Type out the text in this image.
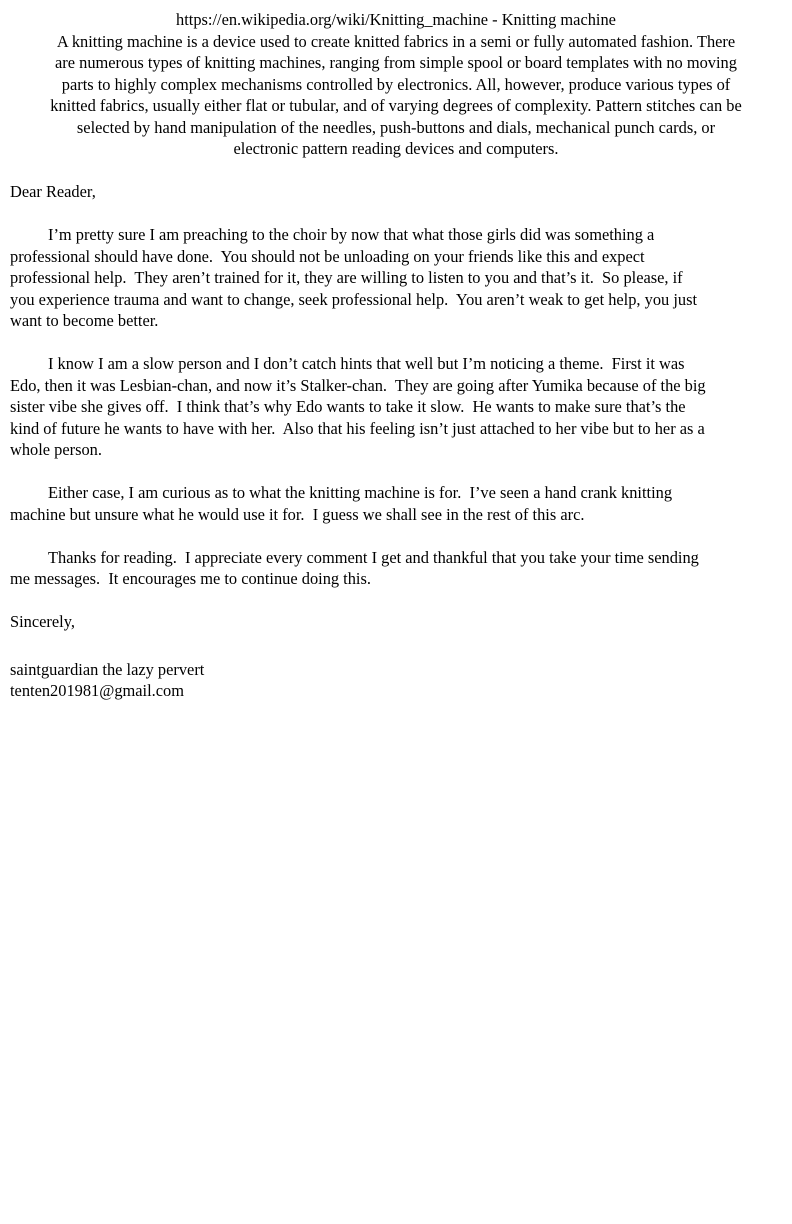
https://en.wikipedia.org/wiki/Knitting_machine - Knitting machine
A knitting machine is a device used to create knitted fabrics in a semi or fully automated fashion. There
are numerous types of knitting machines, ranging from simple spool or board templates with no moving
parts to highly complex mechanisms controlled by electronics. All, however, produce various types of
knitted fabrics, usually either flat or tubular, and of varying degrees of complexity. Pattern stitches can be
selected by hand manipulation of the needles, push-buttons and dials, mechanical punch cards, or
electronic pattern reading devices and computers.
Dear Reader,
I’m pretty sure I am preaching to the choir by now that what those girls did was something a
professional should have done.  You should not be unloading on your friends like this and expect
professional help.  They aren’t trained for it, they are willing to listen to you and that’s it.  So please, if
you experience trauma and want to change, seek professional help.  You aren’t weak to get help, you just
want to become better.
I know I am a slow person and I don’t catch hints that well but I’m noticing a theme.  First it was
Edo, then it was Lesbian-chan, and now it’s Stalker-chan.  They are going after Yumika because of the big
sister vibe she gives off.  I think that’s why Edo wants to take it slow.  He wants to make sure that’s the
kind of future he wants to have with her.  Also that his feeling isn’t just attached to her vibe but to her as a
whole person.
Either case, I am curious as to what the knitting machine is for.  I’ve seen a hand crank knitting
machine but unsure what he would use it for.  I guess we shall see in the rest of this arc.
Thanks for reading.  I appreciate every comment I get and thankful that you take your time sending
me messages.  It encourages me to continue doing this.
Sincerely,
saintguardian the lazy pervert
tenten201981@gmail.com
